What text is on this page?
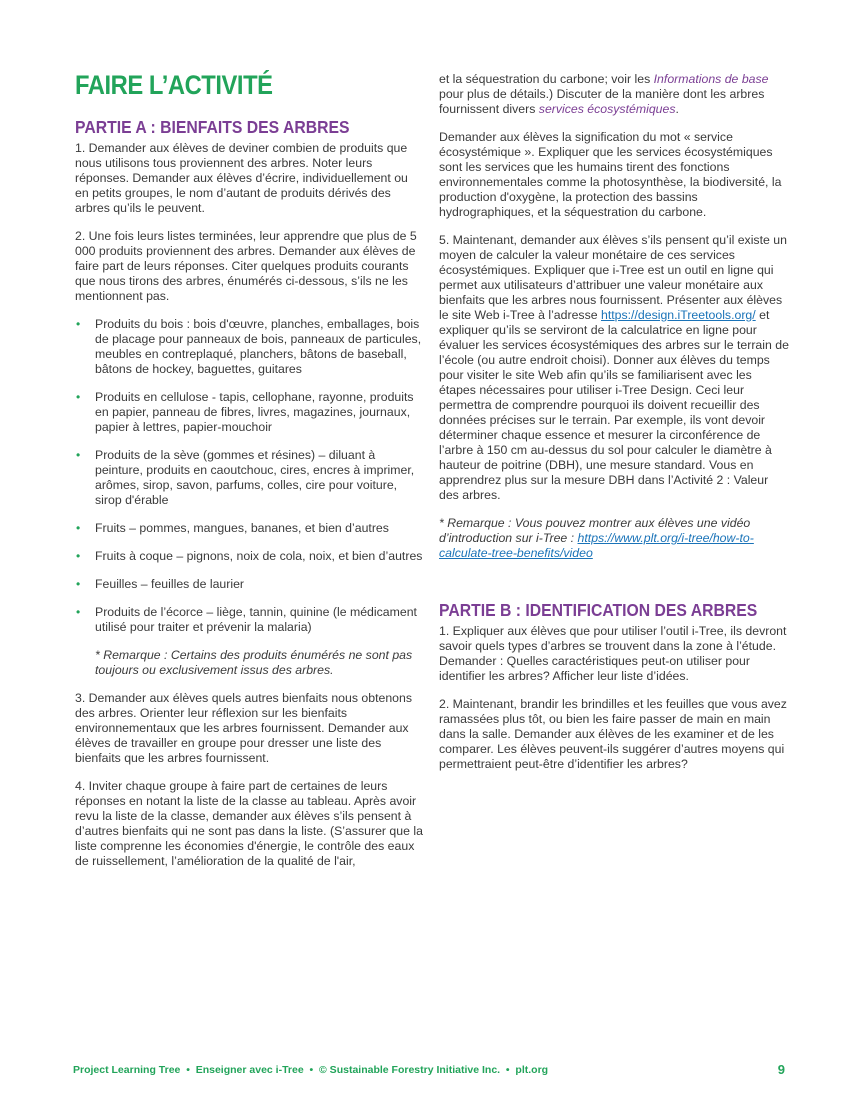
FAIRE L’ACTIVITÉ
PARTIE A : BIENFAITS DES ARBRES

1. Demander aux élèves de deviner combien de produits que nous utilisons tous proviennent des arbres. Noter leurs réponses. Demander aux élèves d’écrire, individuellement ou en petits groupes, le nom d’autant de produits dérivés des arbres qu’ils le peuvent.

2. Une fois leurs listes terminées, leur apprendre que plus de 5 000 produits proviennent des arbres. Demander aux élèves de faire part de leurs réponses. Citer quelques produits courants que nous tirons des arbres, énumérés ci-dessous, s’ils ne les mentionnent pas.

• Produits du bois : bois d'œuvre, planches, emballages, bois de placage pour panneaux de bois, panneaux de particules, meubles en contreplaqué, planchers, bâtons de baseball, bâtons de hockey, baguettes, guitares
• Produits en cellulose - tapis, cellophane, rayonne, produits en papier, panneau de fibres, livres, magazines, journaux, papier à lettres, papier-mouchoir
• Produits de la sève (gommes et résines) – diluant à peinture, produits en caoutchouc, cires, encres à imprimer, arômes, sirop, savon, parfums, colles, cire pour voiture, sirop d'érable
• Fruits – pommes, mangues, bananes, et bien d’autres
• Fruits à coque – pignons, noix de cola, noix, et bien d’autres
• Feuilles – feuilles de laurier
• Produits de l’écorce – liège, tannin, quinine (le médicament utilisé pour traiter et prévenir la malaria)

* Remarque : Certains des produits énumérés ne sont pas toujours ou exclusivement issus des arbres.

3. Demander aux élèves quels autres bienfaits nous obtenons des arbres. Orienter leur réflexion sur les bienfaits environnementaux que les arbres fournissent. Demander aux élèves de travailler en groupe pour dresser une liste des bienfaits que les arbres fournissent.

4. Inviter chaque groupe à faire part de certaines de leurs réponses en notant la liste de la classe au tableau. Après avoir revu la liste de la classe, demander aux élèves s’ils pensent à d’autres bienfaits qui ne sont pas dans la liste. (S’assurer que la liste comprenne les économies d'énergie, le contrôle des eaux de ruissellement, l’amélioration de la qualité de l'air,

et la séquestration du carbone; voir les Informations de base pour plus de détails.) Discuter de la manière dont les arbres fournissent divers services écosystémiques.

Demander aux élèves la signification du mot « service écosystémique ». Expliquer que les services écosystémiques sont les services que les humains tirent des fonctions environnementales comme la photosynthèse, la biodiversité, la production d'oxygène, la protection des bassins hydrographiques, et la séquestration du carbone.

5. Maintenant, demander aux élèves s’ils pensent qu’il existe un moyen de calculer la valeur monétaire de ces services écosystémiques. Expliquer que i-Tree est un outil en ligne qui permet aux utilisateurs d’attribuer une valeur monétaire aux bienfaits que les arbres nous fournissent. Présenter aux élèves le site Web i-Tree à l’adresse https://design.iTreetools.org/ et expliquer qu’ils se serviront de la calculatrice en ligne pour évaluer les services écosystémiques des arbres sur le terrain de l’école (ou autre endroit choisi). Donner aux élèves du temps pour visiter le site Web afin qu’ils se familiarisent avec les étapes nécessaires pour utiliser i-Tree Design. Ceci leur permettra de comprendre pourquoi ils doivent recueillir des données précises sur le terrain. Par exemple, ils vont devoir déterminer chaque essence et mesurer la circonférence de l’arbre à 150 cm au-dessus du sol pour calculer le diamètre à hauteur de poitrine (DBH), une mesure standard. Vous en apprendrez plus sur la mesure DBH dans l’Activité 2 : Valeur des arbres.

* Remarque : Vous pouvez montrer aux élèves une vidéo d’introduction sur i-Tree : https://www.plt.org/i-tree/how-to-calculate-tree-benefits/video

PARTIE B : IDENTIFICATION DES ARBRES

1. Expliquer aux élèves que pour utiliser l’outil i-Tree, ils devront savoir quels types d’arbres se trouvent dans la zone à l’étude. Demander : Quelles caractéristiques peut-on utiliser pour identifier les arbres? Afficher leur liste d’idées.

2. Maintenant, brandir les brindilles et les feuilles que vous avez ramassées plus tôt, ou bien les faire passer de main en main dans la salle. Demander aux élèves de les examiner et de les comparer. Les élèves peuvent-ils suggérer d’autres moyens qui permettraient peut-être d’identifier les arbres?

Project Learning Tree  •  Enseigner avec i-Tree  •  © Sustainable Forestry Initiative Inc.  •  plt.org	9
